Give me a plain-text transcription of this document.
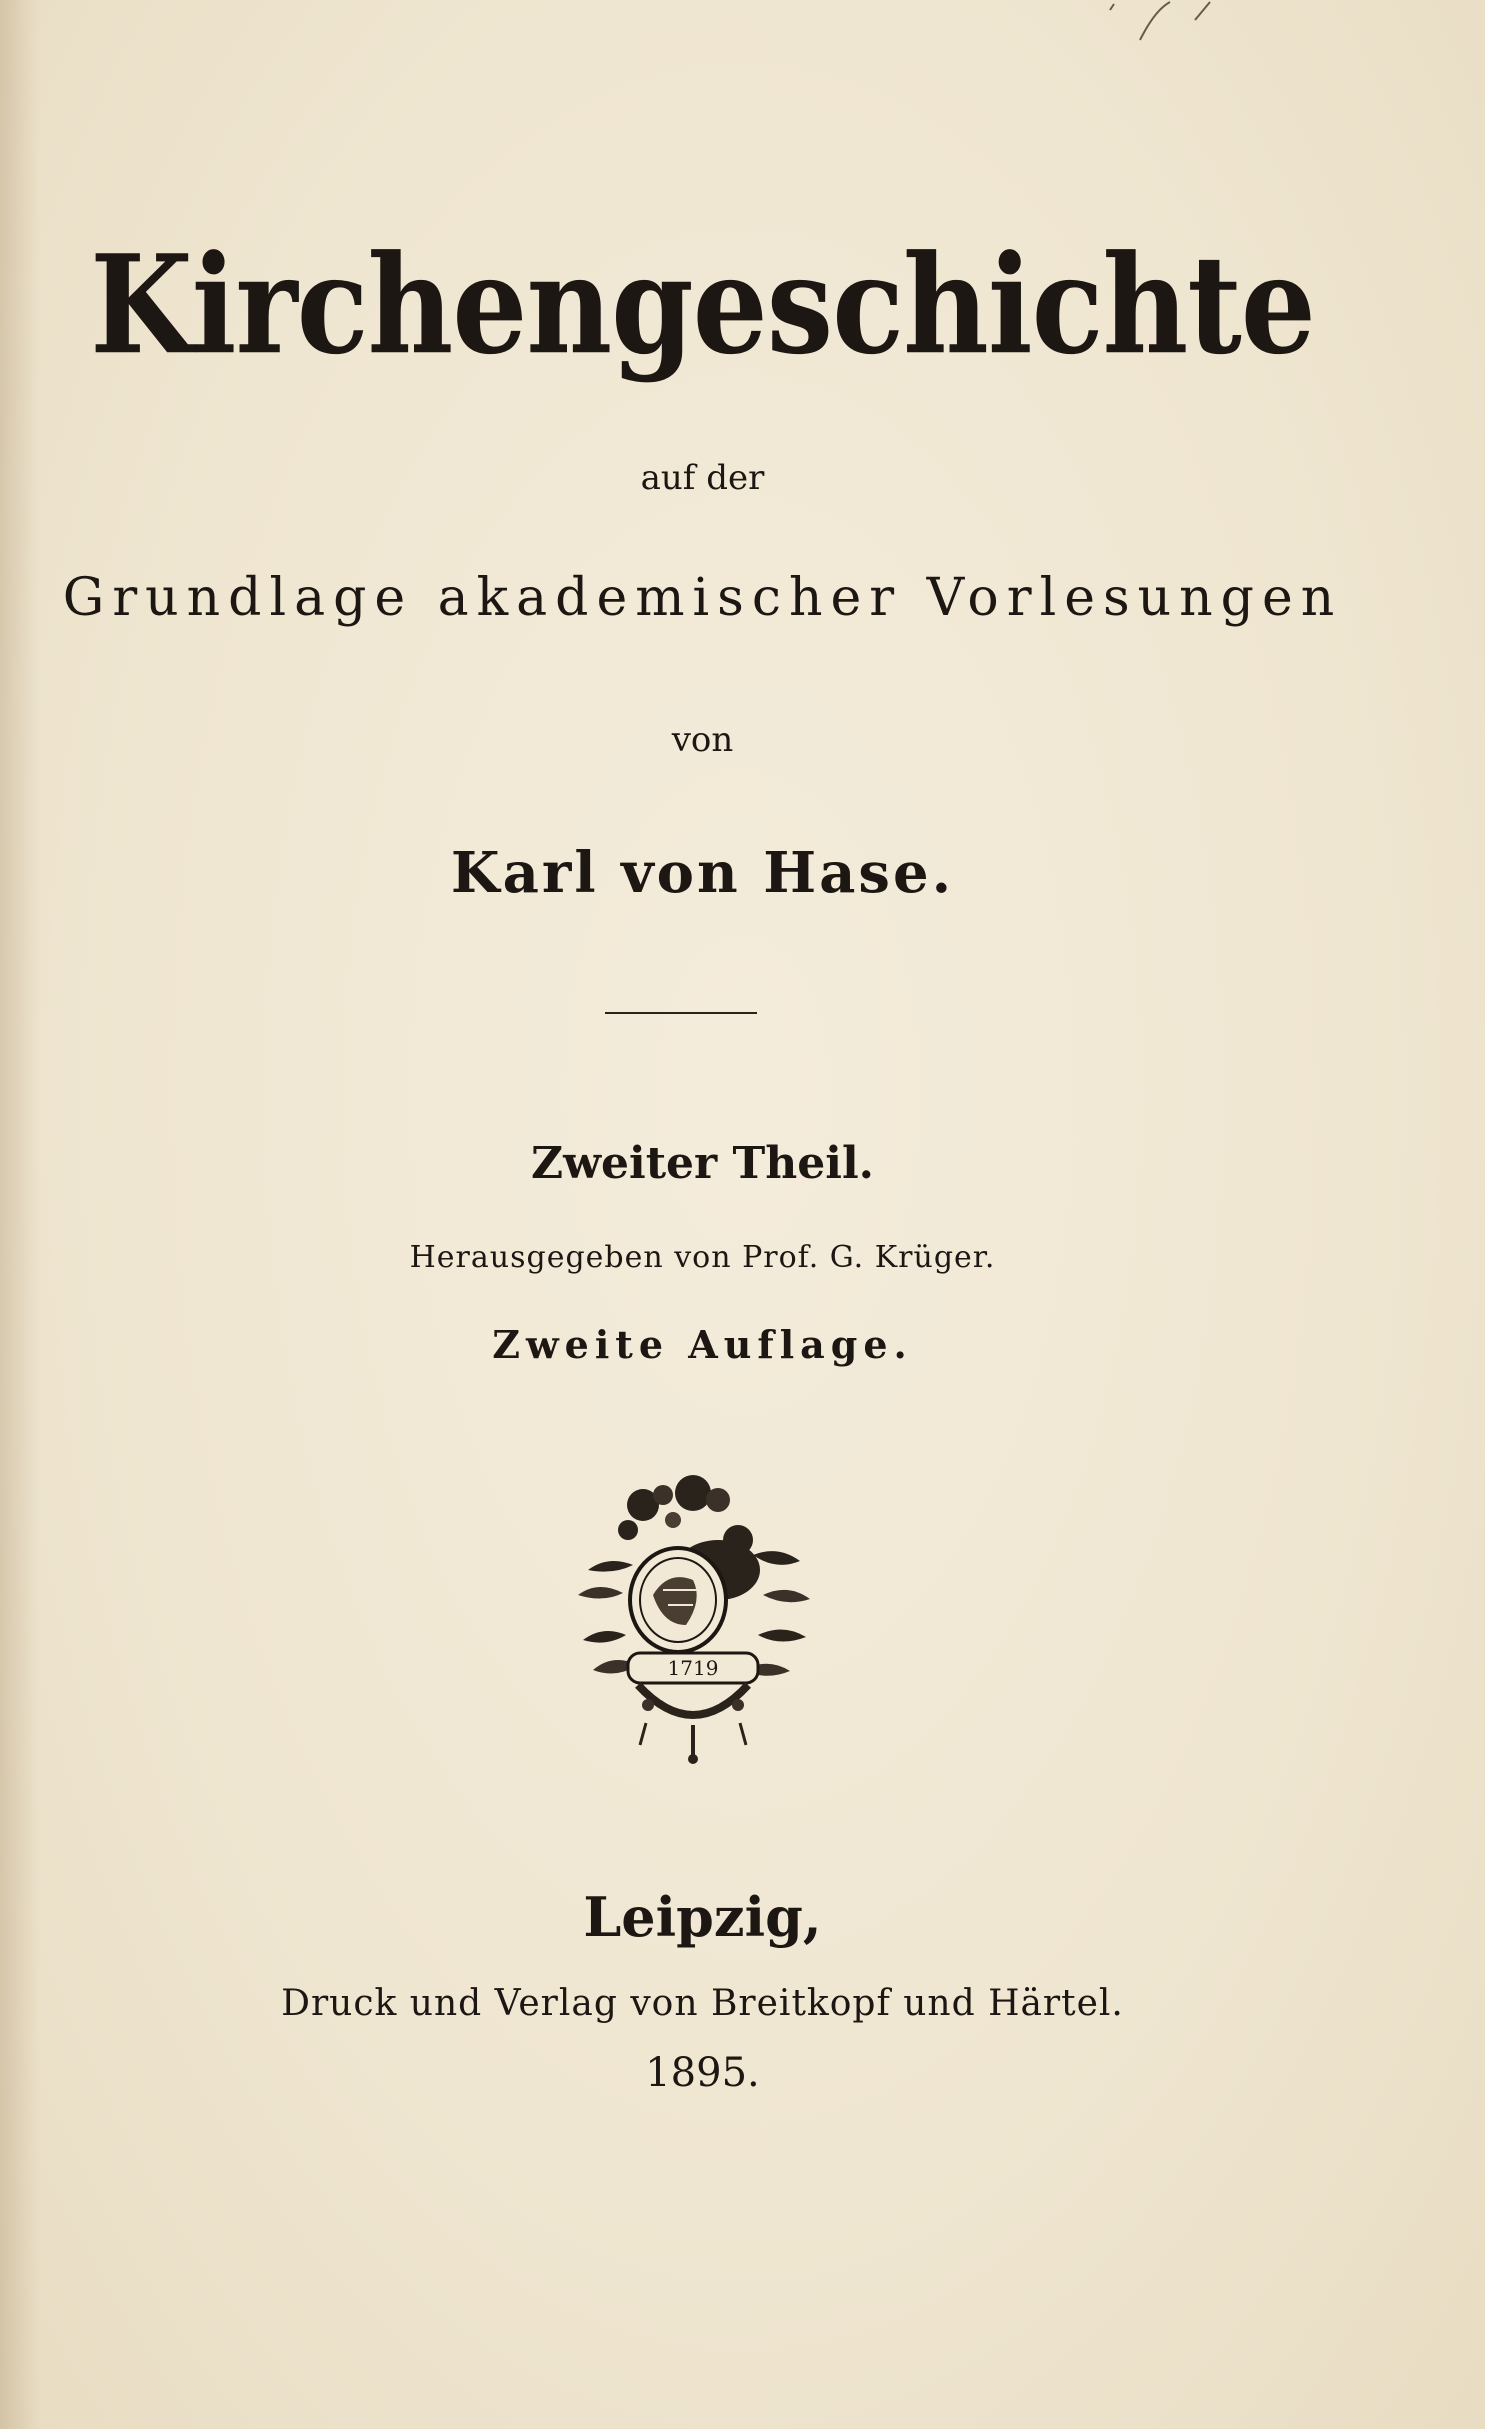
Kirchengeschichte
auf der
Grundlage akademischer Vorlesungen
von
Karl von Hase.
Zweiter Theil.
Herausgegeben von Prof. G. Krüger.
Zweite Auflage.
1719
Leipzig,
Druck und Verlag von Breitkopf und Härtel.
1895.
